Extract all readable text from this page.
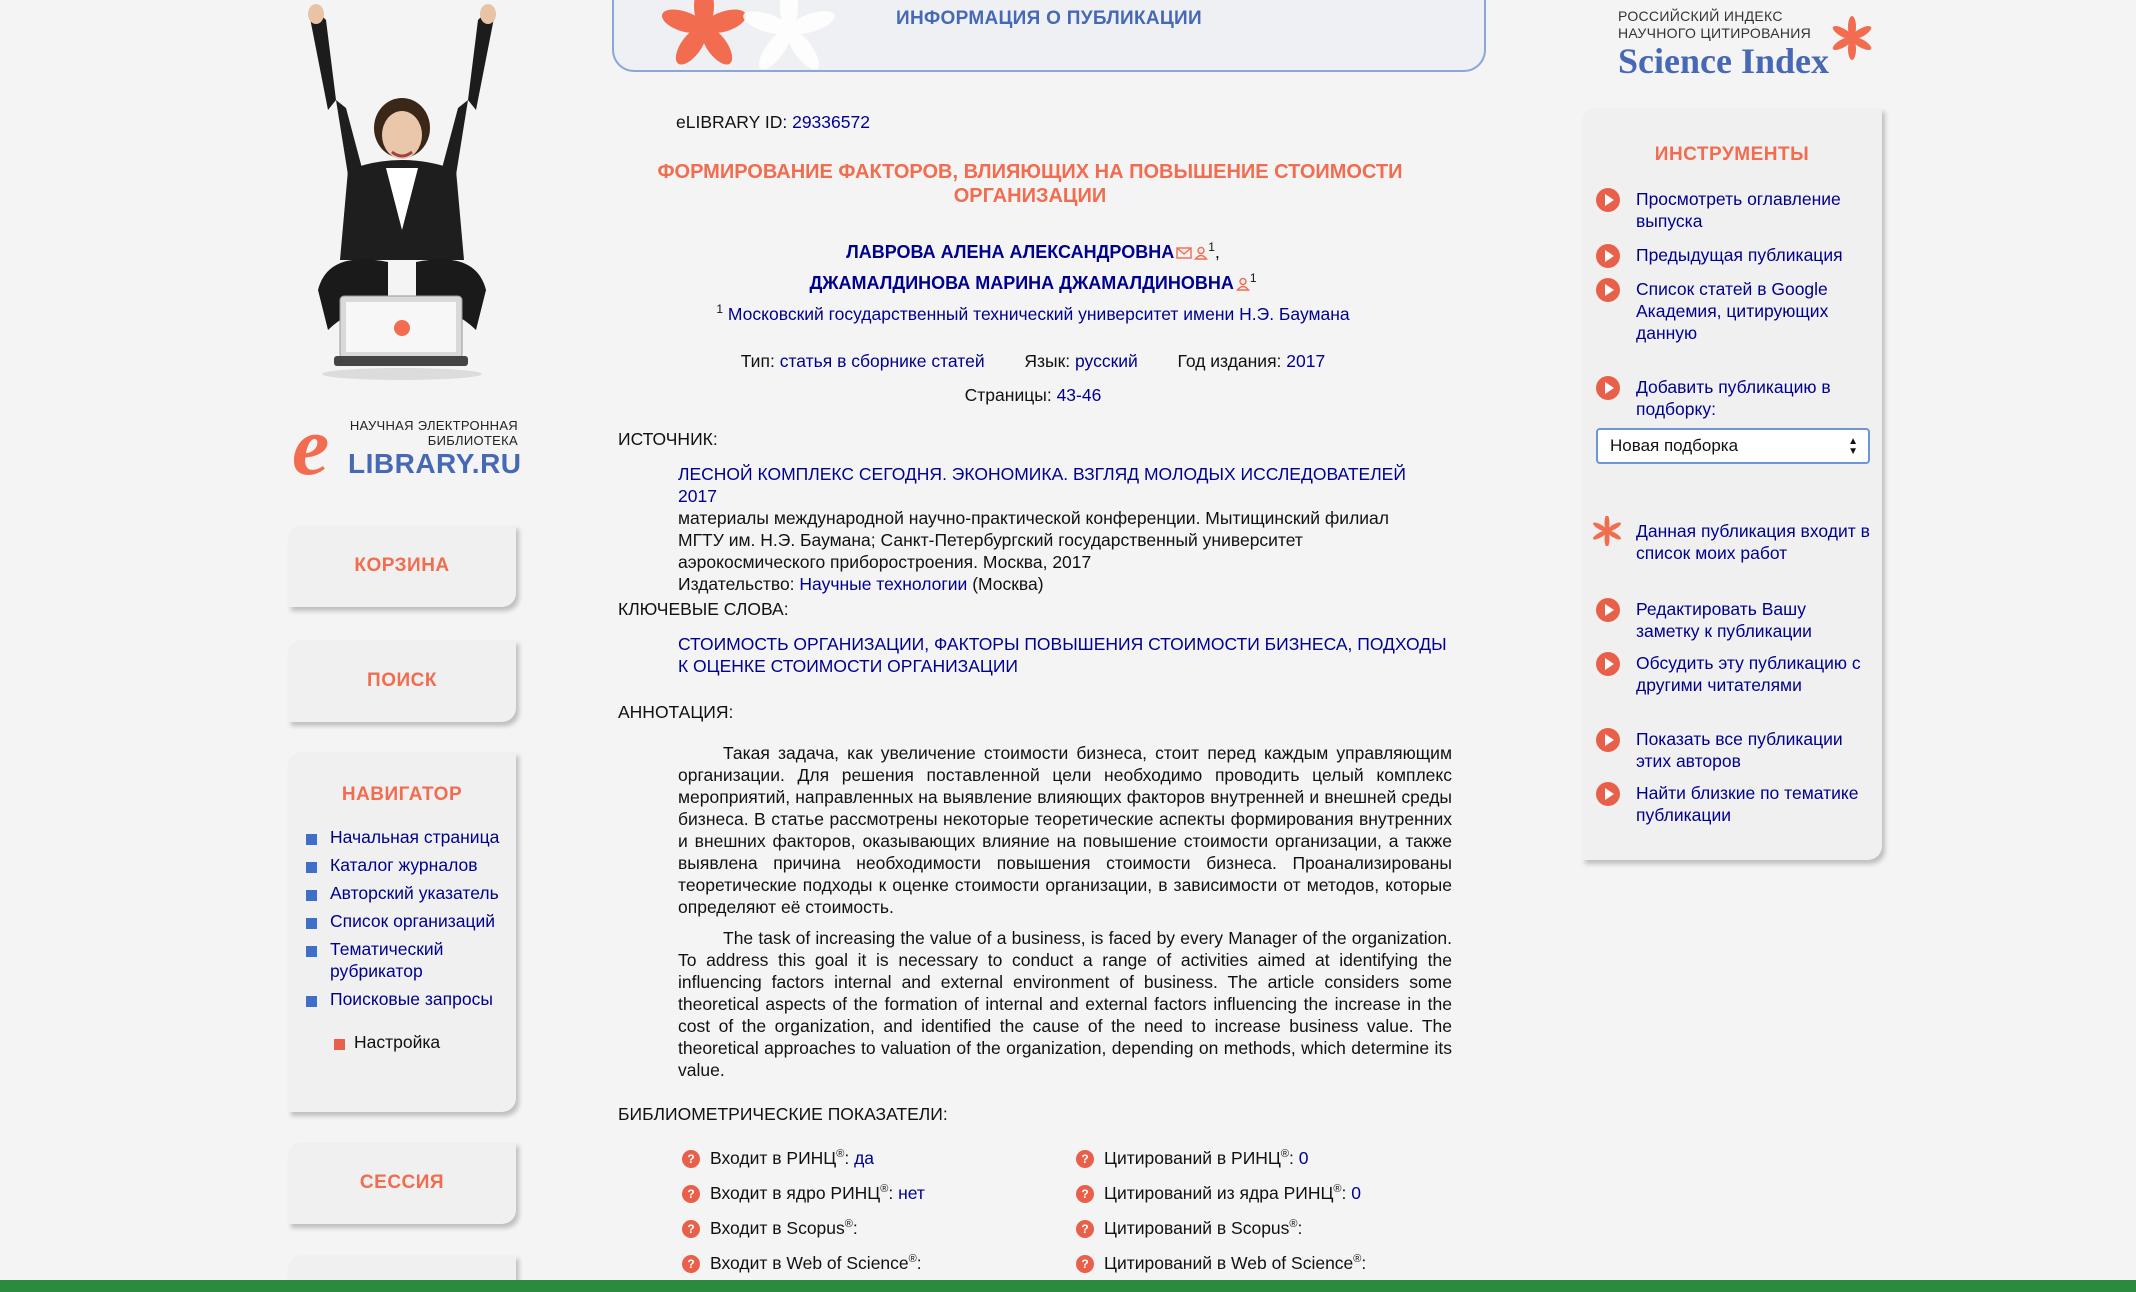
e	НАУЧНАЯ ЭЛЕКТРОННАЯ
БИБЛИОТЕКА
LIBRARY.RU
КОРЗИНА
ПОИСК
НАВИГАТОР
Начальная страница
Каталог журналов
Авторский указатель
Список организаций
Тематический рубрикатор
Поисковые запросы
Настройка
СЕССИЯ
ИНФОРМАЦИЯ О ПУБЛИКАЦИИ
eLIBRARY ID: 29336572
ФОРМИРОВАНИЕ ФАКТОРОВ, ВЛИЯЮЩИХ НА ПОВЫШЕНИЕ СТОИМОСТИ ОРГАНИЗАЦИИ
ЛАВРОВА АЛЕНА АЛЕКСАНДРОВНА	$^1$,
ДЖАМАЛДИНОВА МАРИНА ДЖАМАЛДИНОВНА $^1$
$^1$ Московский государственный технический университет имени Н.Э. Баумана
Тип: статья в сборнике статей Язык: русский Год издания: 2017
Страницы: 43-46
ИСТОЧНИК:
ЛЕСНОЙ КОМПЛЕКС СЕГОДНЯ. ЭКОНОМИКА. ВЗГЛЯД МОЛОДЫХ ИССЛЕДОВАТЕЛЕЙ 2017
материалы международной научно-практической конференции. Мытищинский филиал МГТУ им. Н.Э. Баумана; Санкт-Петербургский государственный университет аэрокосмического приборостроения. Москва, 2017
Издательство: Научные технологии (Москва)
КЛЮЧЕВЫЕ СЛОВА:
СТОИМОСТЬ ОРГАНИЗАЦИИ, ФАКТОРЫ ПОВЫШЕНИЯ СТОИМОСТИ БИЗНЕСА, ПОДХОДЫ К ОЦЕНКЕ СТОИМОСТИ ОРГАНИЗАЦИИ
АННОТАЦИЯ:
Такая задача, как увеличение стоимости бизнеса, стоит перед каждым управляющим организации. Для решения поставленной цели необходимо проводить целый комплекс мероприятий, направленных на выявление влияющих факторов внутренней и внешней среды бизнеса. В статье рассмотрены некоторые теоретические аспекты формирования внутренних и внешних факторов, оказывающих влияние на повышение стоимости организации, а также выявлена причина необходимости повышения стоимости бизнеса. Проанализированы теоретические подходы к оценке стоимости организации, в зависимости от методов, которые определяют её стоимость.
The task of increasing the value of a business, is faced by every Manager of the organization. To address this goal it is necessary to conduct a range of activities aimed at identifying the influencing factors internal and external environment of business. The article considers some theoretical aspects of the formation of internal and external factors influencing the increase in the cost of the organization, and identified the cause of the need to increase business value. The theoretical approaches to valuation of the organization, depending on methods, which determine its value.
БИБЛИОМЕТРИЧЕСКИЕ ПОКАЗАТЕЛИ:
? Входит в РИНЦ®: да
? Входит в ядро РИНЦ®: нет
? Входит в Scopus®:
? Входит в Web of Science®:
? Цитирований в РИНЦ®: 0
? Цитирований из ядра РИНЦ®: 0
? Цитирований в Scopus®:
? Цитирований в Web of Science®:
РОССИЙСКИЙ ИНДЕКС
НАУЧНОГО ЦИТИРОВАНИЯ
Science Index
ИНСТРУМЕНТЫ
Просмотреть оглавление выпуска
Предыдущая публикация
Список статей в Google Академия, цитирующих данную
Добавить публикацию в подборку:
Новая подборка	▲
▼
Данная публикация входит в список моих работ
Редактировать Вашу заметку к публикации
Обсудить эту публикацию с другими читателями
Показать все публикации этих авторов
Найти близкие по тематике публикации
